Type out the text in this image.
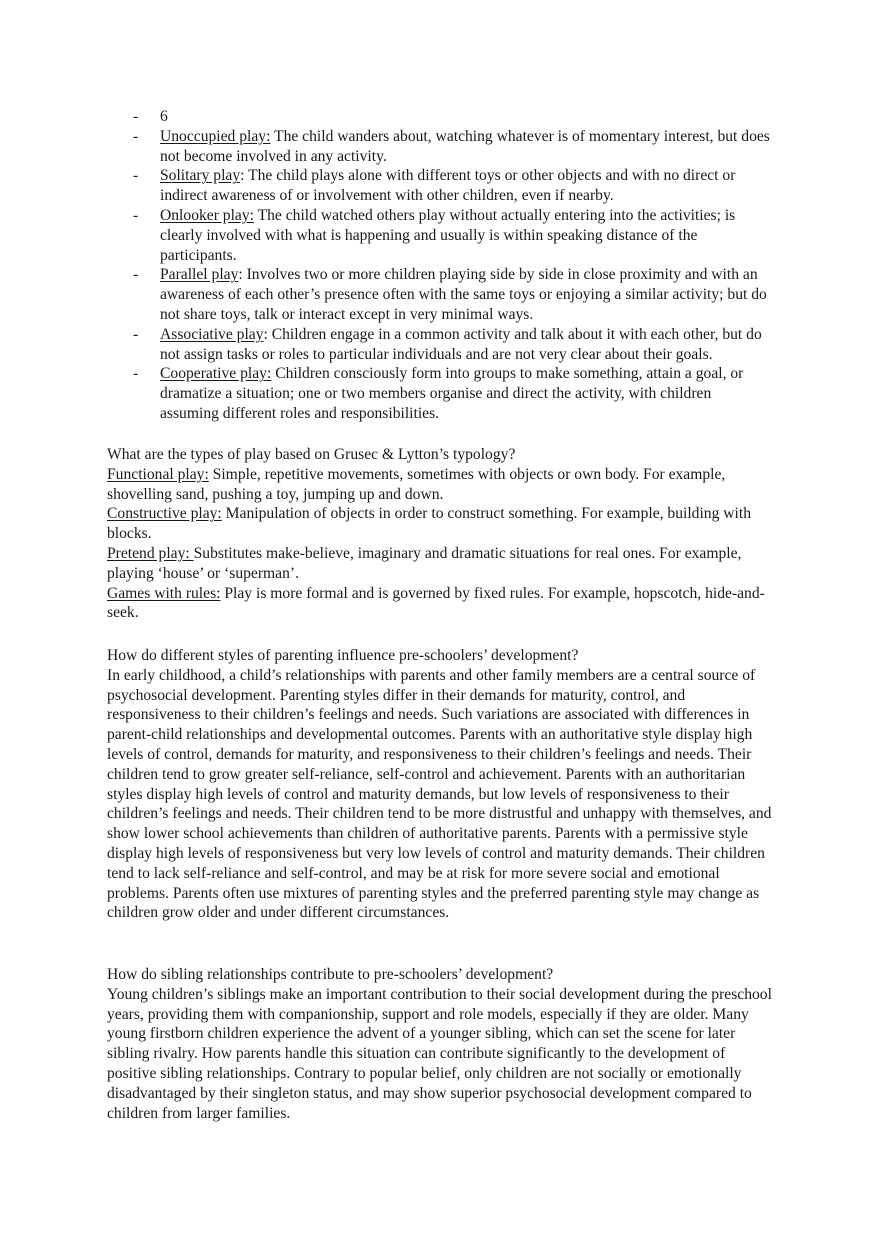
- 6
- Unoccupied play: The child wanders about, watching whatever is of momentary interest, but does not become involved in any activity.
- Solitary play: The child plays alone with different toys or other objects and with no direct or indirect awareness of or involvement with other children, even if nearby.
- Onlooker play: The child watched others play without actually entering into the activities; is clearly involved with what is happening and usually is within speaking distance of the participants.
- Parallel play: Involves two or more children playing side by side in close proximity and with an awareness of each other’s presence often with the same toys or enjoying a similar activity; but do not share toys, talk or interact except in very minimal ways.
- Associative play: Children engage in a common activity and talk about it with each other, but do not assign tasks or roles to particular individuals and are not very clear about their goals.
- Cooperative play: Children consciously form into groups to make something, attain a goal, or dramatize a situation; one or two members organise and direct the activity, with children assuming different roles and responsibilities.

What are the types of play based on Grusec & Lytton’s typology?

Functional play: Simple, repetitive movements, sometimes with objects or own body. For example, shovelling sand, pushing a toy, jumping up and down.

Constructive play: Manipulation of objects in order to construct something. For example, building with blocks.

Pretend play: Substitutes make-believe, imaginary and dramatic situations for real ones. For example, playing ‘house’ or ‘superman’.

Games with rules: Play is more formal and is governed by fixed rules. For example, hopscotch, hide-and-seek.

How do different styles of parenting influence pre-schoolers’ development?

In early childhood, a child’s relationships with parents and other family members are a central source of psychosocial development. Parenting styles differ in their demands for maturity, control, and responsiveness to their children’s feelings and needs. Such variations are associated with differences in parent-child relationships and developmental outcomes. Parents with an authoritative style display high levels of control, demands for maturity, and responsiveness to their children’s feelings and needs. Their children tend to grow greater self-reliance, self-control and achievement. Parents with an authoritarian styles display high levels of control and maturity demands, but low levels of responsiveness to their children’s feelings and needs. Their children tend to be more distrustful and unhappy with themselves, and show lower school achievements than children of authoritative parents. Parents with a permissive style display high levels of responsiveness but very low levels of control and maturity demands. Their children tend to lack self-reliance and self-control, and may be at risk for more severe social and emotional problems. Parents often use mixtures of parenting styles and the preferred parenting style may change as children grow older and under different circumstances.

How do sibling relationships contribute to pre-schoolers’ development?

Young children’s siblings make an important contribution to their social development during the preschool years, providing them with companionship, support and role models, especially if they are older. Many young firstborn children experience the advent of a younger sibling, which can set the scene for later sibling rivalry. How parents handle this situation can contribute significantly to the development of positive sibling relationships. Contrary to popular belief, only children are not socially or emotionally disadvantaged by their singleton status, and may show superior psychosocial development compared to children from larger families.
